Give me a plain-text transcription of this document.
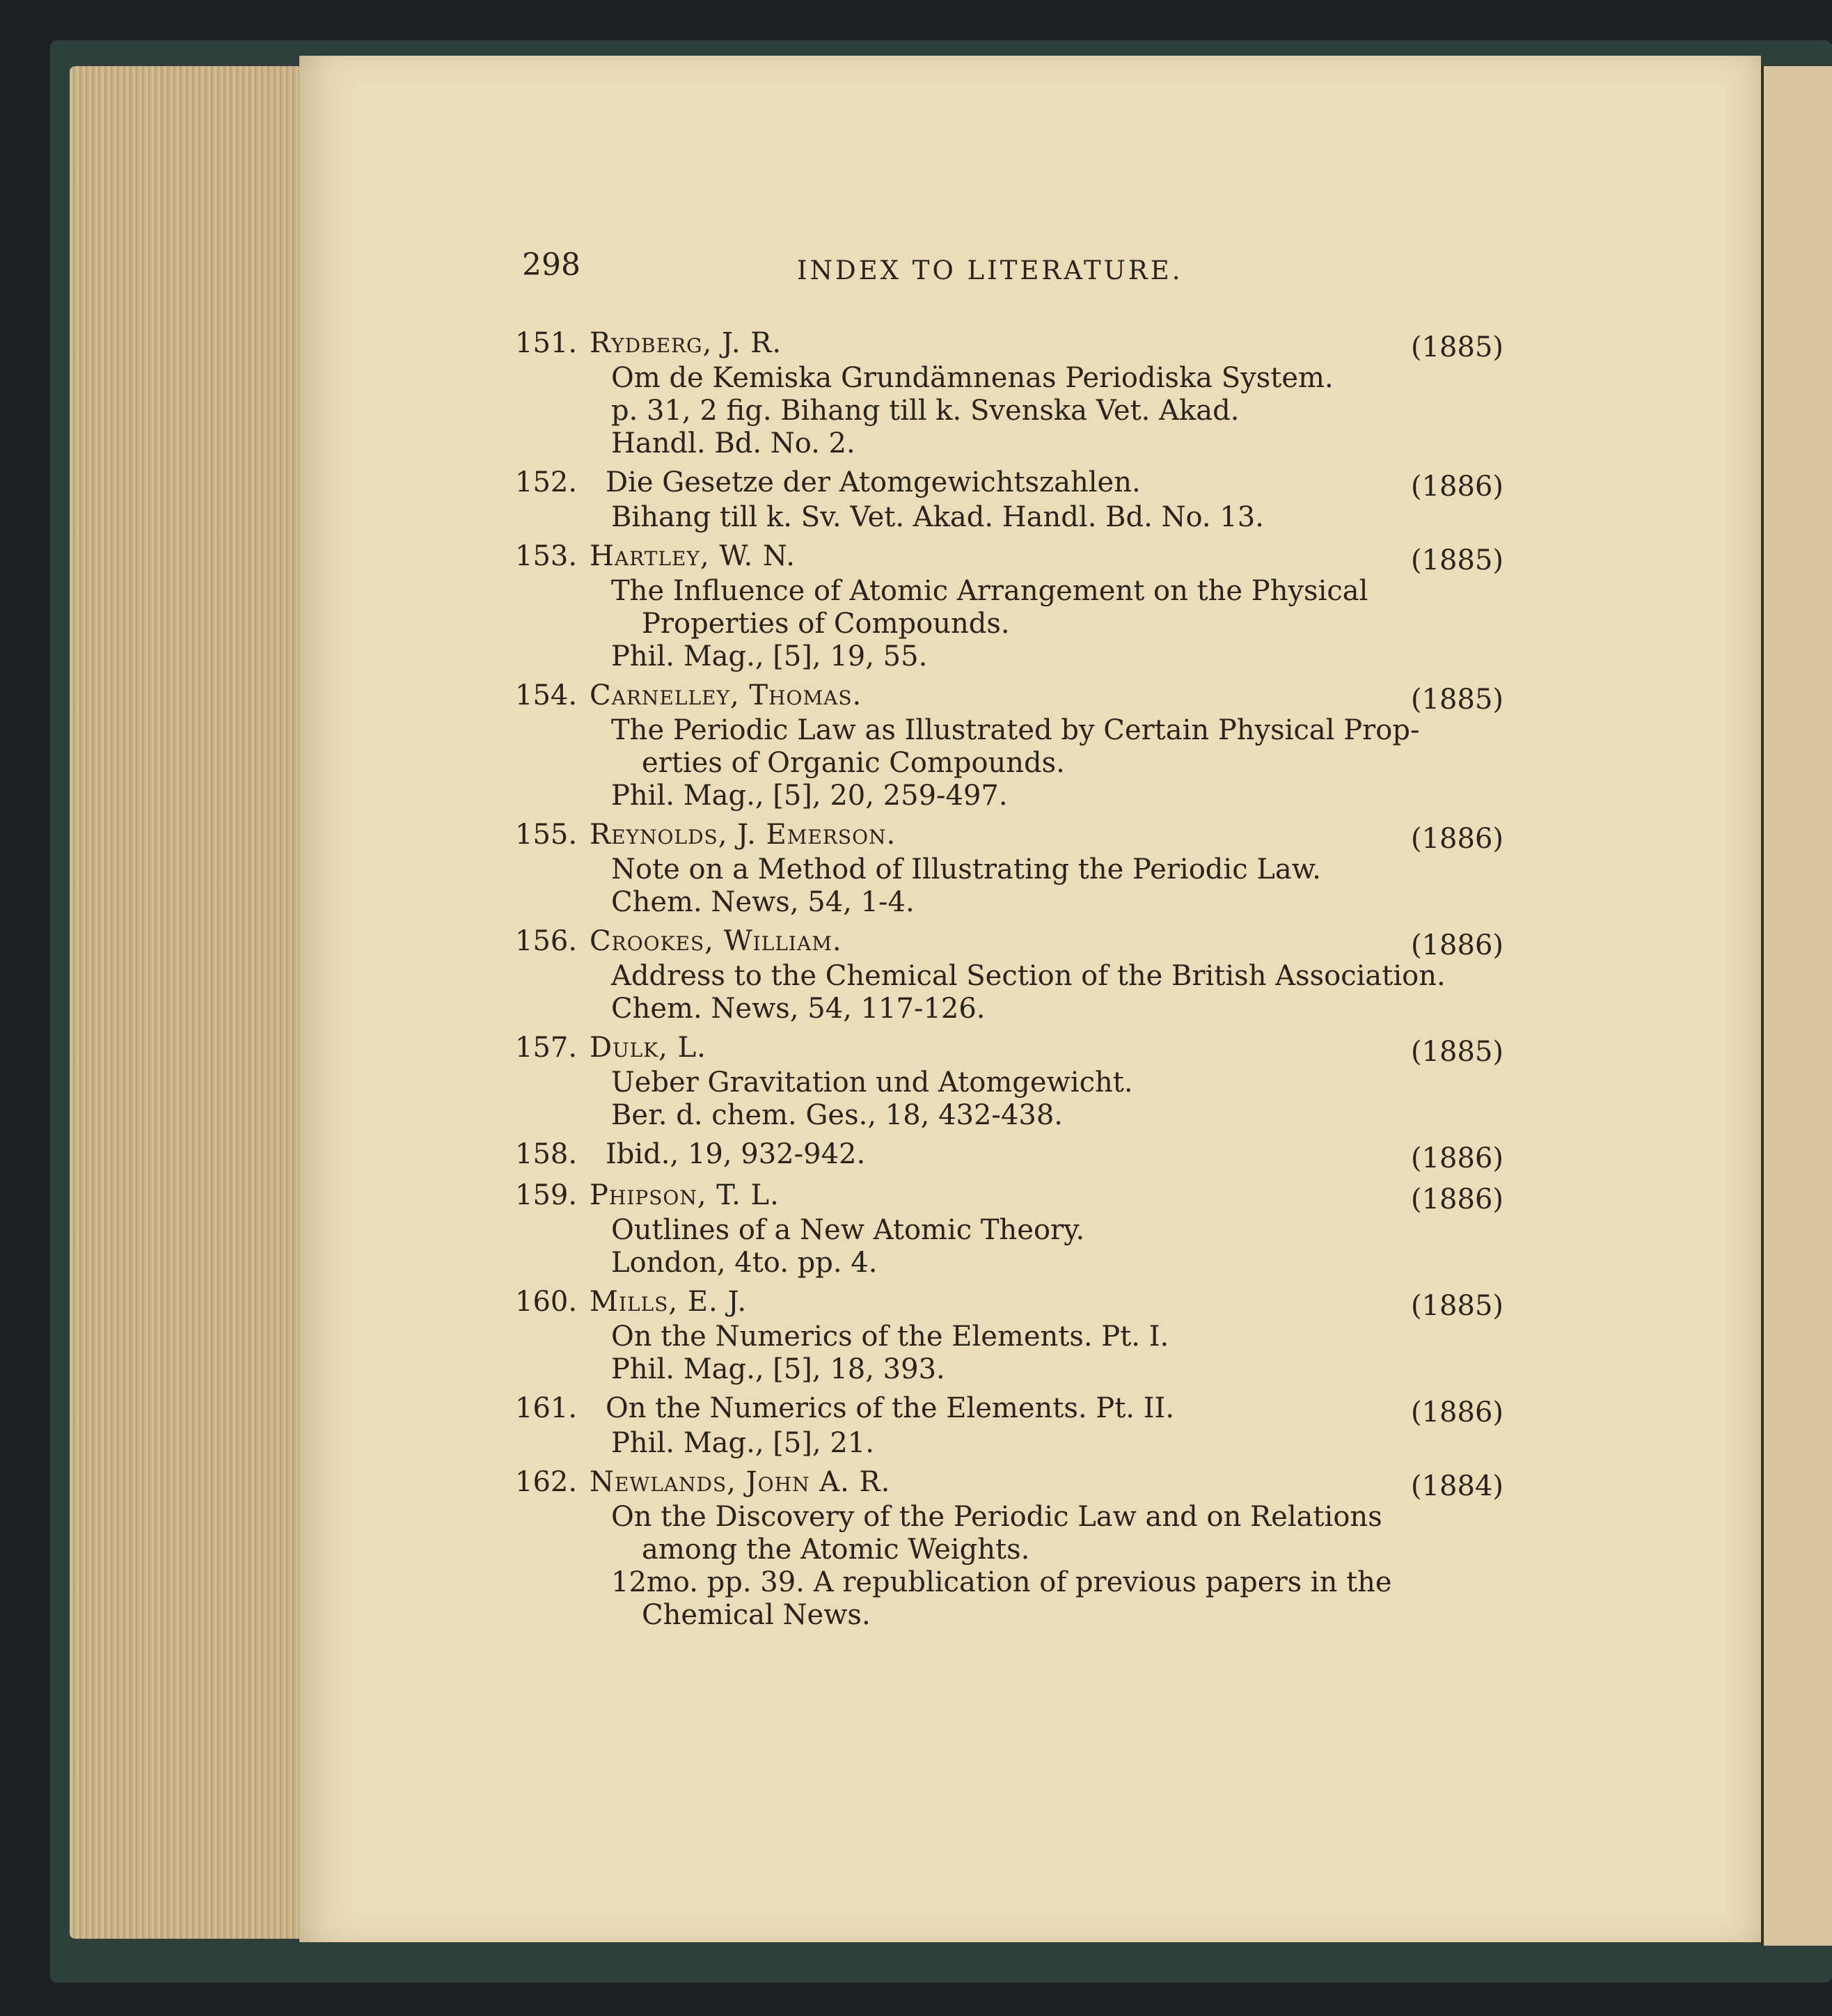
298	INDEX TO LITERATURE.
151. Rydberg, J. R.	(1885)
Om de Kemiska Grundämnenas Periodiska System.
p. 31, 2 fig. Bihang till k. Svenska Vet. Akad.
Handl. Bd. No. 2.
152.	Die Gesetze der Atomgewichtszahlen.	(1886)
Bihang till k. Sv. Vet. Akad. Handl. Bd. No. 13.
153. Hartley, W. N.	(1885)
The Influence of Atomic Arrangement on the Physical
Properties of Compounds.
Phil. Mag., [5], 19, 55.
154. Carnelley, Thomas.	(1885)
The Periodic Law as Illustrated by Certain Physical Prop-
erties of Organic Compounds.
Phil. Mag., [5], 20, 259-497.
155. Reynolds, J. Emerson.	(1886)
Note on a Method of Illustrating the Periodic Law.
Chem. News, 54, 1-4.
156. Crookes, William.	(1886)
Address to the Chemical Section of the British Association.
Chem. News, 54, 117-126.
157. Dulk, L.	(1885)
Ueber Gravitation und Atomgewicht.
Ber. d. chem. Ges., 18, 432-438.
158.	Ibid., 19, 932-942.	(1886)
159. Phipson, T. L.	(1886)
Outlines of a New Atomic Theory.
London, 4to. pp. 4.
160. Mills, E. J.	(1885)
On the Numerics of the Elements. Pt. I.
Phil. Mag., [5], 18, 393.
161.	On the Numerics of the Elements. Pt. II.	(1886)
Phil. Mag., [5], 21.
162. Newlands, John A. R.	(1884)
On the Discovery of the Periodic Law and on Relations
among the Atomic Weights.
12mo. pp. 39. A republication of previous papers in the
Chemical News.
